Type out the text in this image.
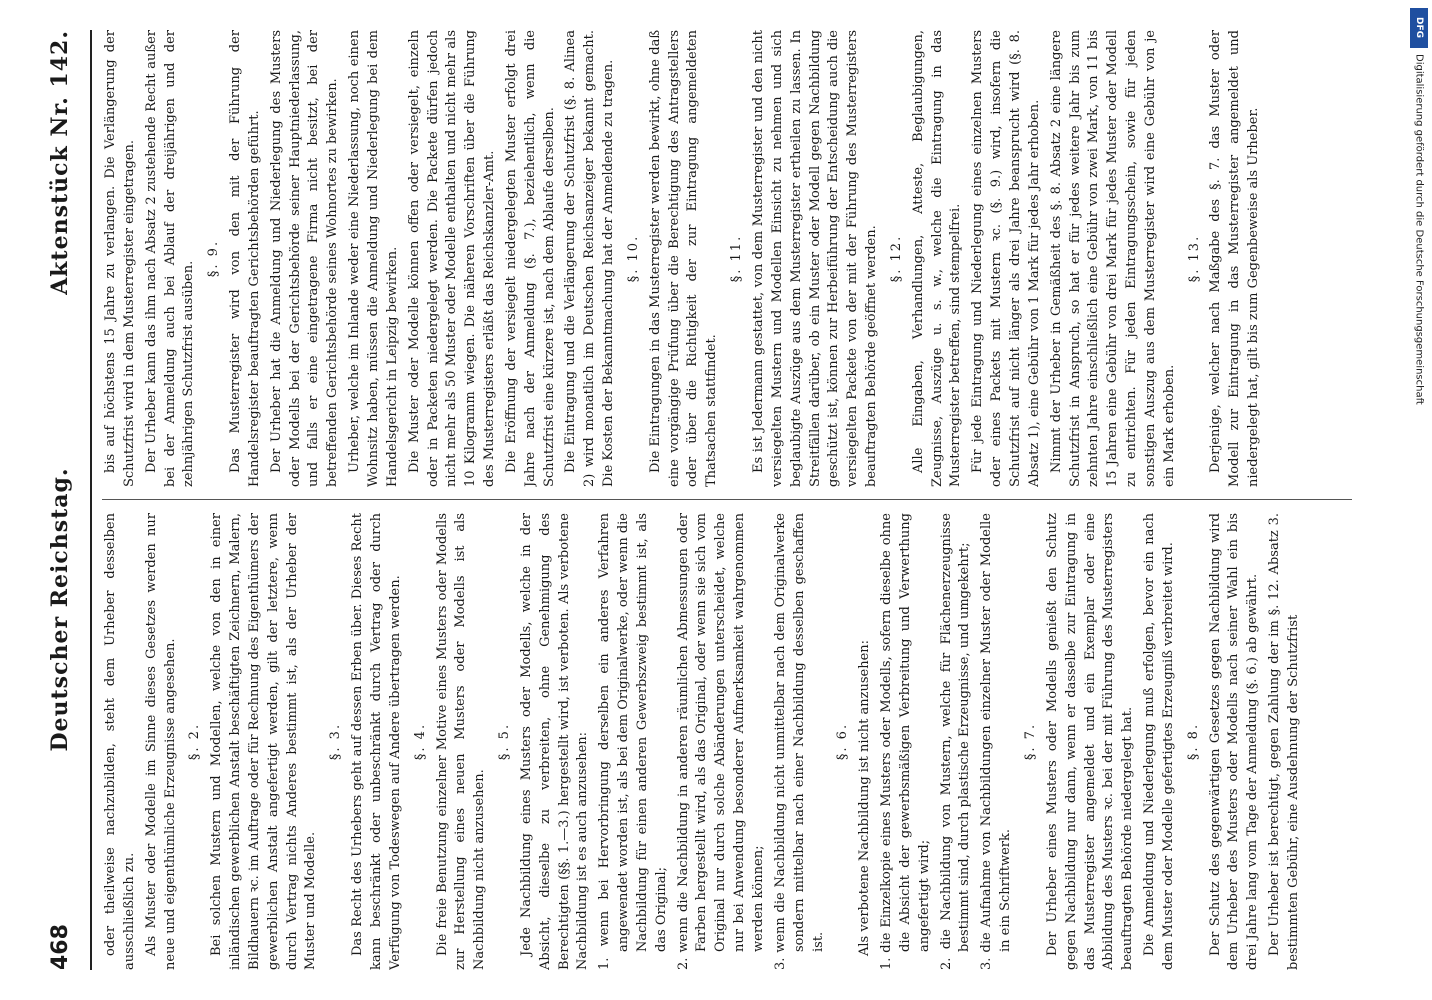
468
Deutscher Reichstag.
Aktenstück Nr. 142.

oder theilweise nachzubilden, steht dem Urheber desselben ausschließlich zu. Als Muster oder Modelle im Sinne dieses Gesetzes werden nur neue und eigenthümliche Erzeugnisse angesehen. §. 2. Bei solchen Mustern und Modellen, welche von den in einer inländischen gewerblichen Anstalt beschäftigten Zeichnern, Malern, Bildhauern ꝛc. im Auftrage oder für Rechnung des Eigenthümers der gewerblichen Anstalt angefertigt werden, gilt der letztere, wenn durch Vertrag nichts Anderes bestimmt ist, als der Urheber der Muster und Modelle.

§. 3. Das Recht des Urhebers geht auf dessen Erben über. Dieses Recht kann beschränkt oder unbeschränkt durch Vertrag oder durch Verfügung von Todeswegen auf Andere übertragen werden. §. 4. Die freie Benutzung einzelner Motive eines Musters oder Modells zur Herstellung eines neuen Musters oder Modells ist als Nachbildung nicht anzusehen.

§. 5. Jede Nachbildung eines Musters oder Modells, welche in der Absicht, dieselbe zu verbreiten, ohne Genehmigung des Berechtigten (§§. 1.—3.) hergestellt wird, ist verboten. Als verbotene Nachbildung ist es auch anzusehen: 1. wenn bei Hervorbringung derselben ein anderes Verfahren angewendet worden ist, als bei dem Originalwerke, oder wenn die Nachbildung für einen anderen Gewerbszweig bestimmt ist, als das Original; 2. wenn die Nachbildung in anderen räumlichen Abmessungen oder Farben hergestellt wird, als das Original, oder wenn sie sich vom Original nur durch solche Abänderungen unterscheidet, welche nur bei Anwendung besonderer Aufmerksamkeit wahrgenommen werden können; 3. wenn die Nachbildung nicht unmittelbar nach dem Originalwerke sondern mittelbar nach einer Nachbildung desselben geschaffen ist.

§. 6. Als verbotene Nachbildung ist nicht anzusehen: 1. die Einzelkopie eines Musters oder Modells, sofern dieselbe ohne die Absicht der gewerbsmäßigen Verbreitung und Verwerthung angefertigt wird; 2. die Nachbildung von Mustern, welche für Flächenerzeugnisse bestimmt sind, durch plastische Erzeugnisse, und umgekehrt; 3. die Aufnahme von Nachbildungen einzelner Muster oder Modelle in ein Schriftwerk.

§. 7. Der Urheber eines Musters oder Modells genießt den Schutz gegen Nachbildung nur dann, wenn er dasselbe zur Eintragung in das Musterregister angemeldet und ein Exemplar oder eine Abbildung des Musters ꝛc. bei der mit Führung des Musterregisters beauftragten Behörde niedergelegt hat. Die Anmeldung und Niederlegung muß erfolgen, bevor ein nach dem Muster oder Modelle gefertigtes Erzeugniß verbreitet wird. §. 8. Der Schutz des gegenwärtigen Gesetzes gegen Nachbildung wird dem Urheber des Musters oder Modells nach seiner Wahl ein bis drei Jahre lang vom Tage der Anmeldung (§. 6.) ab gewährt. Der Urheber ist berechtigt, gegen Zahlung der im §. 12. Absatz 3. bestimmten Gebühr, eine Ausdehnung der Schutzfrist

bis auf höchstens 15 Jahre zu verlangen. Die Verlängerung der Schutzfrist wird in dem Musterregister eingetragen. Der Urheber kann das ihm nach Absatz 2 zustehende Recht außer bei der Anmeldung auch bei Ablauf der dreijährigen und der zehnjährigen Schutzfrist ausüben.

§. 9. Das Musterregister wird von den mit der Führung der Handelsregister beauftragten Gerichtsbehörden geführt. Der Urheber hat die Anmeldung und Niederlegung des Musters oder Modells bei der Gerichtsbehörde seiner Hauptniederlassung, und falls er eine eingetragene Firma nicht besitzt, bei der betreffenden Gerichtsbehörde seines Wohnortes zu bewirken. Urheber, welche im Inlande weder eine Niederlassung, noch einen Wohnsitz haben, müssen die Anmeldung und Niederlegung bei dem Handelsgericht in Leipzig bewirken. Die Muster oder Modelle können offen oder versiegelt, einzeln oder in Packeten niedergelegt werden. Die Packete dürfen jedoch nicht mehr als 50 Muster oder Modelle enthalten und nicht mehr als 10 Kilogramm wiegen. Die näheren Vorschriften über die Führung des Musterregisters erläßt das Reichskanzler-Amt. Die Eröffnung der versiegelt niedergelegten Muster erfolgt drei Jahre nach der Anmeldung (§. 7.), beziehentlich, wenn die Schutzfrist eine kürzere ist, nach dem Ablaufe derselben. Die Eintragung und die Verlängerung der Schutzfrist (§. 8. Alinea 2) wird monatlich im Deutschen Reichsanzeiger bekannt gemacht. Die Kosten der Bekanntmachung hat der Anmeldende zu tragen. §. 10. Die Eintragungen in das Musterregister werden bewirkt, ohne daß eine vorgängige Prüfung über die Berechtigung des Antragstellers oder über die Richtigkeit der zur Eintragung angemeldeten Thatsachen stattfindet.

§. 11. Es ist Jedermann gestattet, von dem Musterregister und den nicht versiegelten Mustern und Modellen Einsicht zu nehmen und sich beglaubigte Auszüge aus dem Musterregister ertheilen zu lassen. In Streitfällen darüber, ob ein Muster oder Modell gegen Nachbildung geschützt ist, können zur Herbeiführung der Entscheidung auch die versiegelten Packete von der mit der Führung des Musterregisters beauftragten Behörde geöffnet werden. §. 12. Alle Eingaben, Verhandlungen, Atteste, Beglaubigungen, Zeugnisse, Auszüge u. s. w., welche die Eintragung in das Musterregister betreffen, sind stempelfrei. Für jede Eintragung und Niederlegung eines einzelnen Musters oder eines Packets mit Mustern ꝛc. (§. 9.) wird, insofern die Schutzfrist auf nicht länger als drei Jahre beansprucht wird (§. 8. Absatz 1), eine Gebühr von 1 Mark für jedes Jahr erhoben. Nimmt der Urheber in Gemäßheit des §. 8. Absatz 2 eine längere Schutzfrist in Anspruch, so hat er für jedes weitere Jahr bis zum zehnten Jahre einschließlich eine Gebühr von zwei Mark, von 11 bis 15 Jahren eine Gebühr von drei Mark für jedes Muster oder Modell zu entrichten. Für jeden Eintragungsschein, sowie für jeden sonstigen Auszug aus dem Musterregister wird eine Gebühr von je ein Mark erhoben.

§. 13. Derjenige, welcher nach Maßgabe des §. 7. das Muster oder Modell zur Eintragung in das Musterregister angemeldet und niedergelegt hat, gilt bis zum Gegenbeweise als Urheber.

DFG
Digitalisierung gefördert durch die Deutsche Forschungsgemeinschaft
